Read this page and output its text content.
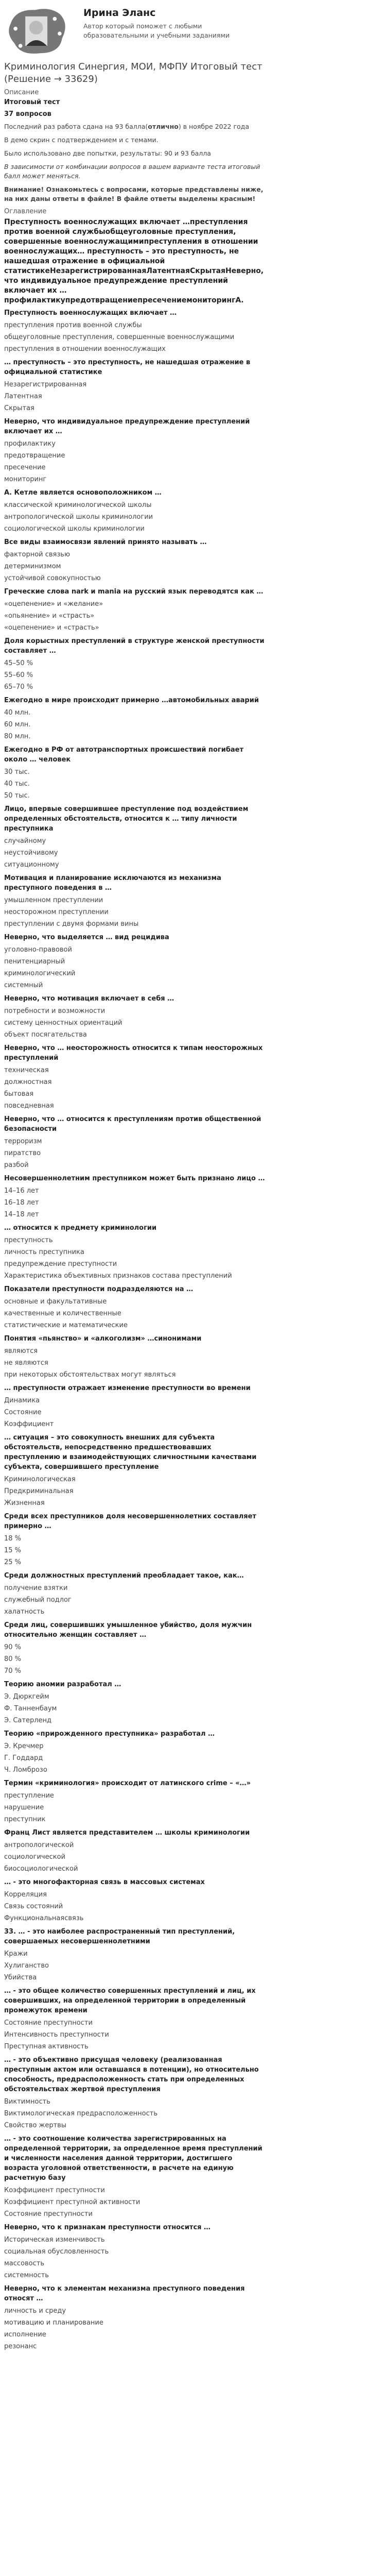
Ирина Эланс
Автор который поможет с любыми образовательными и учебными заданиями
Криминология Синергия, МОИ, МФПУ Итоговый тест (Решение → 33629)
Описание
Итоговый тест
37 вопросов

Последний раз работа сдана на 93 балла(отлично) в ноябре 2022 года

В демо скрин с подтверждением и с темами.

Было использовано две попытки, результаты: 90 и 93 балла

В зависимости от комбинации вопросов в вашем варианте теста итоговый балл может меняться.

Внимание! Ознакомьтесь с вопросами, которые представлены ниже, на них даны ответы в файле! В файле ответы выделены красным!

Оглавление
Преступность военнослужащих включает …преступления против военной службыобщеуголовные преступления, совершенные военнослужащимипреступления в отношении военнослужащих… преступность – это преступность, не нашедшая отражение в официальной статистикеНезарегистрированнаяЛатентнаяСкрытаяНеверно, что индивидуальное предупреждение преступлений включает их …профилактикупредотвращениепресечениемониторингА.
Преступность военнослужащих включает …
преступления против военной службы
общеуголовные преступления, совершенные военнослужащими
преступления в отношении военнослужащих
… преступность – это преступность, не нашедшая отражение в официальной статистике
Незарегистрированная
Латентная
Скрытая
Неверно, что индивидуальное предупреждение преступлений включает их …
профилактику
предотвращение
пресечение
мониторинг
А. Кетле является основоположником …
классической криминологической школы
антропологической школы криминологии
социологической школы криминологии
Все виды взаимосвязи явлений принято называть …
факторной связью
детерминизмом
устойчивой совокупностью
Греческие слова nark и mania на русский язык переводятся как …
«оцепенение» и «желание»
«опьянение» и «страсть»
«оцепенение» и «страсть»
Доля корыстных преступлений в структуре женской преступности составляет …
45–50 %
55–60 %
65–70 %
Ежегодно в мире происходит примерно …автомобильных аварий
40 млн.
60 млн.
80 млн.
Ежегодно в РФ от автотранспортных происшествий погибает около … человек
30 тыс.
40 тыс.
50 тыс.
Лицо, впервые совершившее преступление под воздействием определенных обстоятельств, относится к … типу личности преступника
случайному
неустойчивому
ситуационному
Мотивация и планирование исключаются из механизма преступного поведения в …
умышленном преступлении
неосторожном преступлении
преступлении с двумя формами вины
Неверно, что выделяется … вид рецидива
уголовно-правовой
пенитенциарный
криминологический
системный
Неверно, что мотивация включает в себя …
потребности и возможности
систему ценностных ориентаций
объект посягательства
Неверно, что … неосторожность относится к типам неосторожных преступлений
техническая
должностная
бытовая
повседневная
Неверно, что … относится к преступлениям против общественной безопасности
терроризм
пиратство
разбой
Несовершеннолетним преступником может быть признано лицо …
14–16 лет
16–18 лет
14–18 лет
… относится к предмету криминологии
преступность
личность преступника
предупреждение преступности
Характеристика объективных признаков состава преступлений
Показатели преступности подразделяются на …
основные и факультативные
качественные и количественные
статистические и математические
Понятия «пьянство» и «алкоголизм» …синонимами
являются
не являются
при некоторых обстоятельствах могут являться
… преступности отражает изменение преступности во времени
Динамика
Состояние
Коэффициент
… ситуация – это совокупность внешних для субъекта обстоятельств, непосредственно предшествовавших преступлению и взаимодействующих сличностными качествами субъекта, совершившего преступление
Криминологическая
Предкриминальная
Жизненная
Среди всех преступников доля несовершеннолетних составляет примерно …
18 %
15 %
25 %
Среди должностных преступлений преобладает такое, как…
получение взятки
служебный подлог
халатность
Среди лиц, совершивших умышленное убийство, доля мужчин относительно женщин составляет …
90 %
80 %
70 %
Теорию аномии разработал …
Э. Дюркгейм
Ф. Танненбаум
Э. Сатерленд
Теорию «прирожденного преступника» разработал …
Э. Кречмер
Г. Годдард
Ч. Ломброзо
Термин «криминология» происходит от латинского crime – «…»
преступление
нарушение
преступник
Франц Лист является представителем … школы криминологии
антропологической
социологической
биосоциологической
… - это многофакторная связь в массовых системах
Корреляция
Связь состояний
Функциональнаясвязь
33. … - это наиболее распространенный тип преступлений, совершаемых несовершеннолетними
Кражи
Хулиганство
Убийства
… - это общее количество совершенных преступлений и лиц, их совершивших, на определенной территории в определенный промежуток времени
Состояние преступности
Интенсивность преступности
Преступная активность
… - это объективно присущая человеку (реализованная преступным актом или оставшаяся в потенции), но относительно способность, предрасположенность стать при определенных обстоятельствах жертвой преступления
Виктимность
Виктимологическая предрасположенность
Свойство жертвы
… - это соотношение количества зарегистрированных на определенной территории, за определенное время преступлений и численности населения данной территории, достигшего возраста уголовной ответственности, в расчете на единую расчетную базу
Коэффициент преступности
Коэффициент преступной активности
Состояние преступности
Неверно, что к признакам преступности относится …
Историческая изменчивость
социальная обусловленность
массовость
системность
Неверно, что к элементам механизма преступного поведения относят …
личность и среду
мотивацию и планирование
исполнение
резонанс
